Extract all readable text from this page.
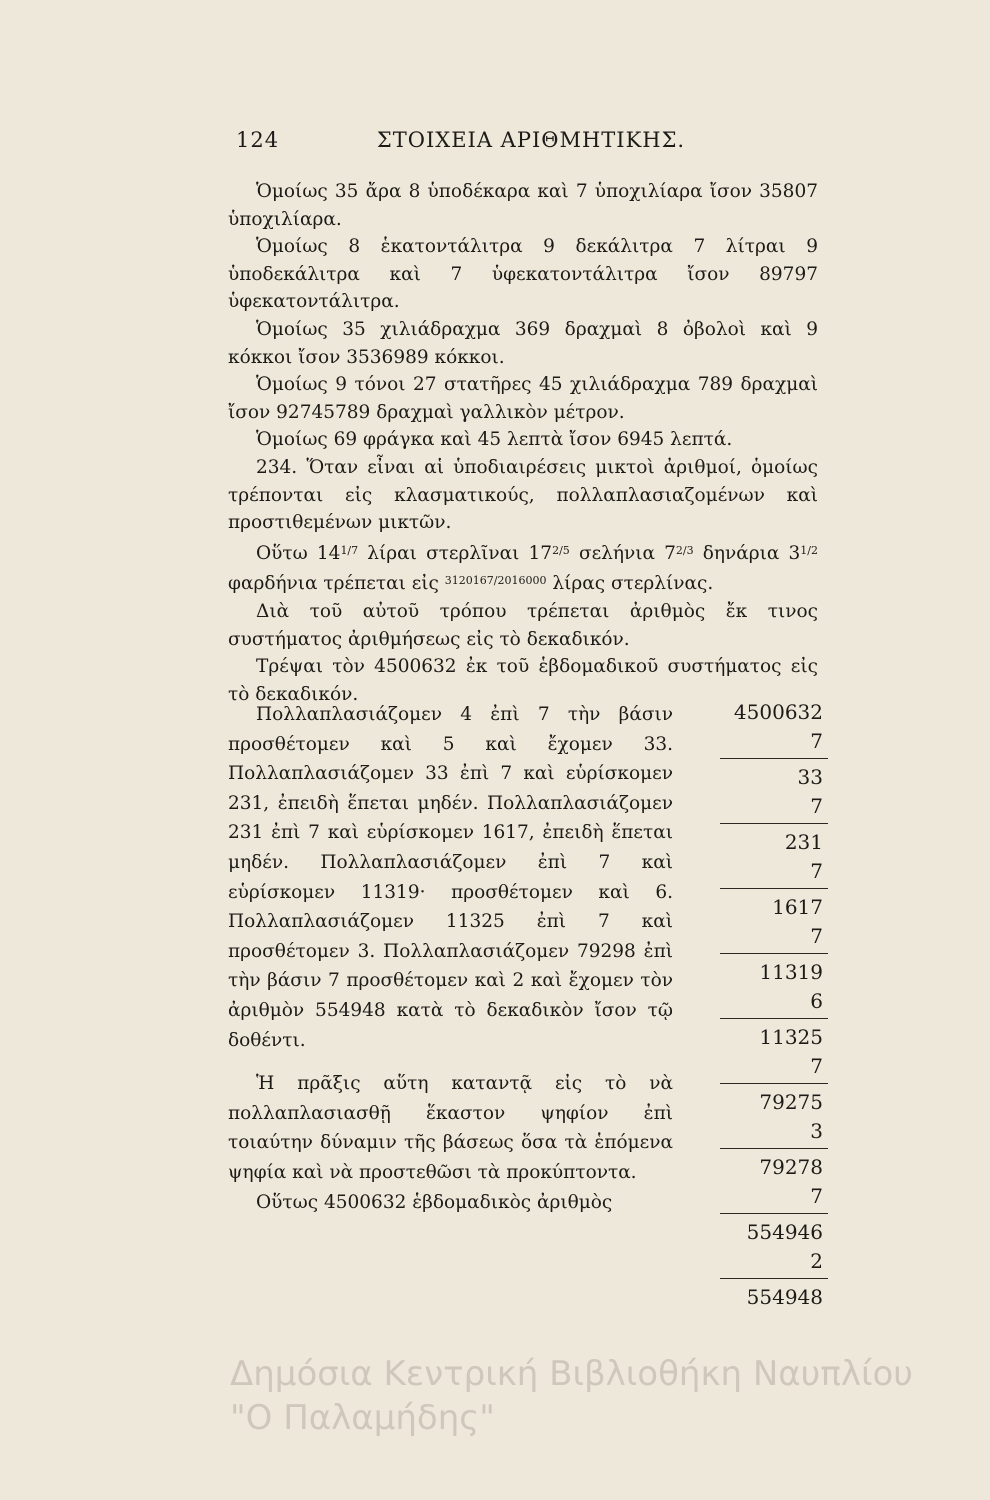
124	ΣΤΟΙΧΕΙΑ ΑΡΙΘΜΗΤΙΚΗΣ.

Ὁμοίως 35 ἄρα 8 ὑποδέκαρα καὶ 7 ὑποχιλίαρα ἴσον 35807 ὑποχιλίαρα.

Ὁμοίως 8 ἑκατοντάλιτρα 9 δεκάλιτρα 7 λίτραι 9 ὑποδεκάλιτρα καὶ 7 ὑφεκατοντάλιτρα ἴσον 89797 ὑφεκατοντάλιτρα.

Ὁμοίως 35 χιλιάδραχμα 369 δραχμαὶ 8 ὀβολοὶ καὶ 9 κόκκοι ἴσον 3536989 κόκκοι.

Ὁμοίως 9 τόνοι 27 στατῆρες 45 χιλιάδραχμα 789 δραχμαὶ ἴσον 92745789 δραχμαὶ γαλλικὸν μέτρον.

Ὁμοίως 69 φράγκα καὶ 45 λεπτὰ ἴσον 6945 λεπτά.

234. Ὅταν εἶναι αἱ ὑποδιαιρέσεις μικτοὶ ἀριθμοί, ὁμοίως τρέπονται εἰς κλασματικούς, πολλαπλασιαζομένων καὶ προστιθεμένων μικτῶν.

Οὕτω $14^{1/7}$ λίραι στερλῖναι $17^{2/5}$ σελήνια $7^{2/3}$ δηνάρια $3^{1/2}$ φαρδήνια τρέπεται εἰς $^{3120167/2016000}$ λίρας στερλίνας.

Διὰ τοῦ αὐτοῦ τρόπου τρέπεται ἀριθμὸς ἔκ τινος συστήματος ἀριθμήσεως εἰς τὸ δεκαδικόν.

Τρέψαι τὸν 4500632 ἐκ τοῦ ἑβδομαδικοῦ συστήματος εἰς τὸ δεκαδικόν.

Πολλαπλασιάζομεν 4 ἐπὶ 7 τὴν βάσιν προσθέτομεν καὶ 5 καὶ ἔχομεν 33. Πολλαπλασιάζομεν 33 ἐπὶ 7 καὶ εὑρίσκομεν 231, ἐπειδὴ ἕπεται μηδέν. Πολλαπλασιάζομεν 231 ἐπὶ 7 καὶ εὑρίσκομεν 1617, ἐπειδὴ ἕπεται μηδέν. Πολλαπλασιάζομεν ἐπὶ 7 καὶ εὑρίσκομεν 11319· προσθέτομεν καὶ 6. Πολλαπλασιάζομεν 11325 ἐπὶ 7 καὶ προσθέτομεν 3. Πολλαπλασιάζομεν 79298 ἐπὶ τὴν βάσιν 7 προσθέτομεν καὶ 2 καὶ ἔχομεν τὸν ἀριθμὸν 554948 κατὰ τὸ δεκαδικὸν ἴσον τῷ δοθέντι.

Ἡ πρᾶξις αὕτη καταντᾷ εἰς τὸ νὰ πολλαπλασιασθῇ ἕκαστον ψηφίον ἐπὶ τοιαύτην δύναμιν τῆς βάσεως ὅσα τὰ ἑπόμενα ψηφία καὶ νὰ προστεθῶσι τὰ προκύπτοντα.

Οὕτως 4500632 ἑβδομαδικὸς ἀριθμὸς

4500632
7
33
7
231
7
1617
7
11319
6
11325
7
79275
3
79278
7
554946
2
554948
Δημόσια Κεντρική Βιβλιοθήκη Ναυπλίου
"Ο Παλαμήδης"
